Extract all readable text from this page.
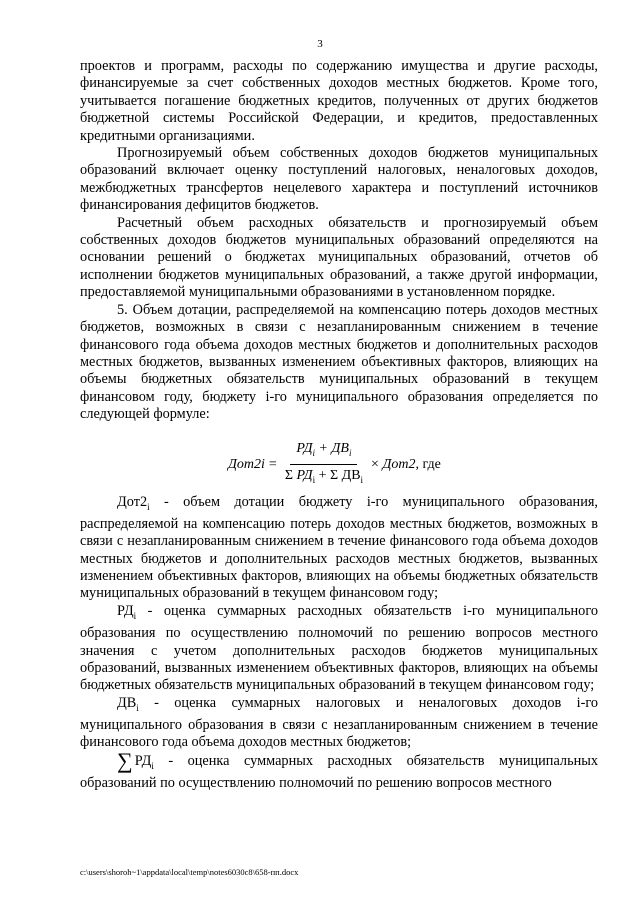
3

проектов и программ, расходы по содержанию имущества и другие расходы, финансируемые за счет собственных доходов местных бюджетов. Кроме того, учитывается погашение бюджетных кредитов, полученных от других бюджетов бюджетной системы Российской Федерации, и кредитов, предоставленных кредитными организациями.

Прогнозируемый объем собственных доходов бюджетов муниципальных образований включает оценку поступлений налоговых, неналоговых доходов, межбюджетных трансфертов нецелевого характера и поступлений источников финансирования дефицитов бюджетов.

Расчетный объем расходных обязательств и прогнозируемый объем собственных доходов бюджетов муниципальных образований определяются на основании решений о бюджетах муниципальных образований, отчетов об исполнении бюджетов муниципальных образований, а также другой информации, предоставляемой муниципальными образованиями в установленном порядке.

5. Объем дотации, распределяемой на компенсацию потерь доходов местных бюджетов, возможных в связи с незапланированным снижением в течение финансового года объема доходов местных бюджетов и дополнительных расходов местных бюджетов, вызванных изменением объективных факторов, влияющих на объемы бюджетных обязательств муниципальных образований в текущем финансовом году, бюджету i-го муниципального образования определяется по следующей формуле:

$Дот2i = \frac{РД_i + ДВ_i}{\Sigma РД_i + \Sigma ДВ_i} \times Дот2$, где

$Дот2_i$ - объем дотации бюджету i-го муниципального образования, распределяемой на компенсацию потерь доходов местных бюджетов, возможных в связи с незапланированным снижением в течение финансового года объема доходов местных бюджетов и дополнительных расходов местных бюджетов, вызванных изменением объективных факторов, влияющих на объемы бюджетных обязательств муниципальных образований в текущем финансовом году;

$РД_i$ - оценка суммарных расходных обязательств i-го муниципального образования по осуществлению полномочий по решению вопросов местного значения с учетом дополнительных расходов бюджетов муниципальных образований, вызванных изменением объективных факторов, влияющих на объемы бюджетных обязательств муниципальных образований в текущем финансовом году;

$ДВ_i$ - оценка суммарных налоговых и неналоговых доходов i-го муниципального образования в связи с незапланированным снижением в течение финансового года объема доходов местных бюджетов;

∑ $РД_i$ - оценка суммарных расходных обязательств муниципальных образований по осуществлению полномочий по решению вопросов местного

c:\users\shoroh~1\appdata\local\temp\notes6030c8\658-пп.docx
